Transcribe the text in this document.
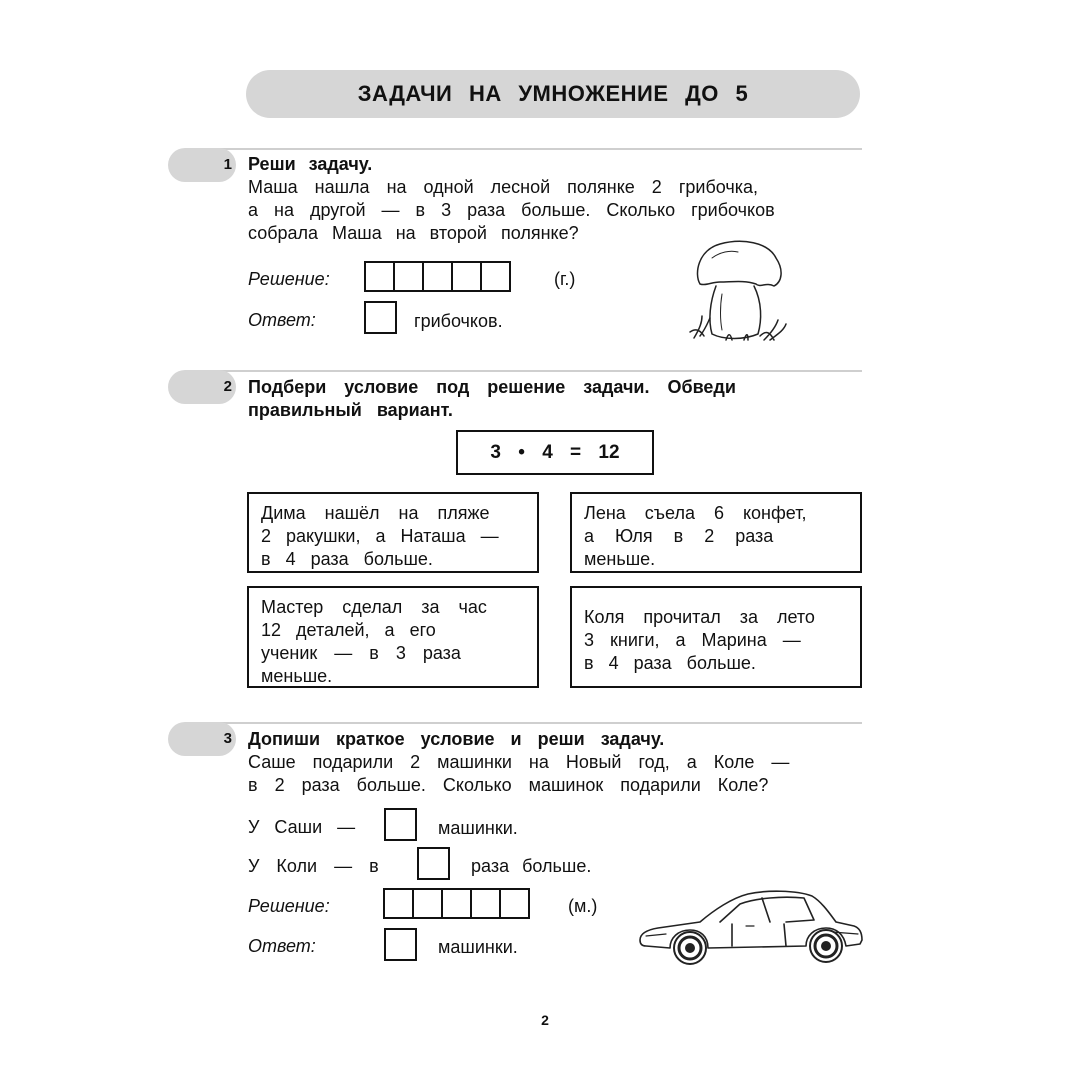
ЗАДАЧИ НА УМНОЖЕНИЕ ДО 5
1 Реши задачу.
Маша нашла на одной лесной полянке 2 грибочка,
а на другой — в 3 раза больше. Сколько грибочков
собрала Маша на второй полянке?
Решение:	(г.)
Ответ:	грибочков.
2 Подбери условие под решение задачи. Обведи
правильный вариант.
3 • 4 = 12
Дима нашёл на пляже
2 ракушки, а Наташа —
в 4 раза больше.
Лена съела 6 конфет,
а Юля в 2 раза
меньше.
Мастер сделал за час
12 деталей, а его
ученик — в 3 раза
меньше.
Коля прочитал за лето
3 книги, а Марина —
в 4 раза больше.
3 Допиши краткое условие и реши задачу.
Саше подарили 2 машинки на Новый год, а Коле —
в 2 раза больше. Сколько машинок подарили Коле?
У Саши —	машинки.
У Коли — в	раза больше.
Решение:	(м.)
Ответ:	машинки.
2
